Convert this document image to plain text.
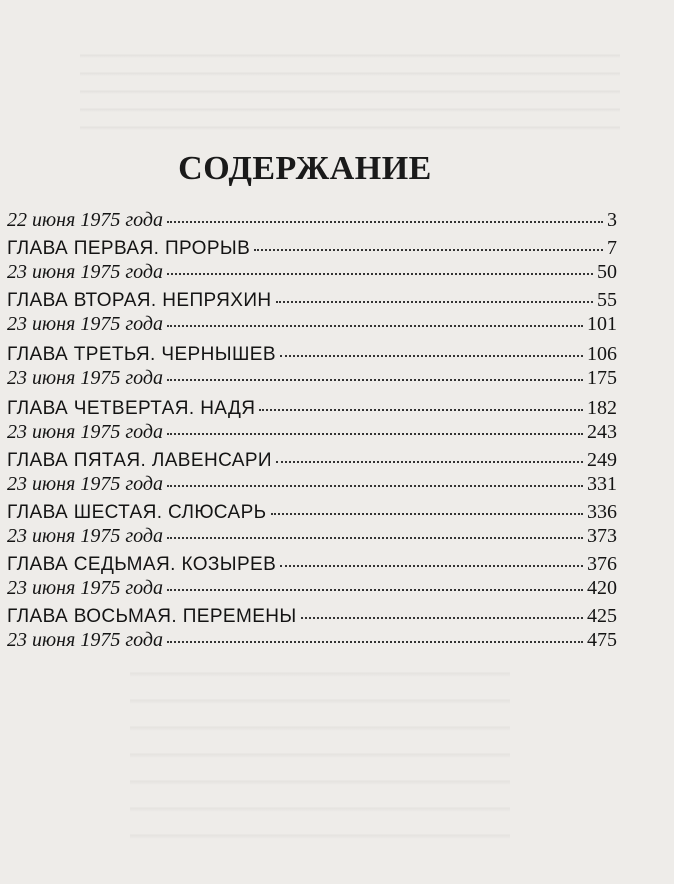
СОДЕРЖАНИЕ
22 июня 1975 года	3
ГЛАВА ПЕРВАЯ. ПРОРЫВ	7
23 июня 1975 года	50
ГЛАВА ВТОРАЯ. НЕПРЯХИН	55
23 июня 1975 года	101
ГЛАВА ТРЕТЬЯ. ЧЕРНЫШЕВ	106
23 июня 1975 года	175
ГЛАВА ЧЕТВЕРТАЯ. НАДЯ	182
23 июня 1975 года	243
ГЛАВА ПЯТАЯ. ЛАВЕНСАРИ	249
23 июня 1975 года	331
ГЛАВА ШЕСТАЯ. СЛЮСАРЬ	336
23 июня 1975 года	373
ГЛАВА СЕДЬМАЯ. КОЗЫРЕВ	376
23 июня 1975 года	420
ГЛАВА ВОСЬМАЯ. ПЕРЕМЕНЫ	425
23 июня 1975 года	475
